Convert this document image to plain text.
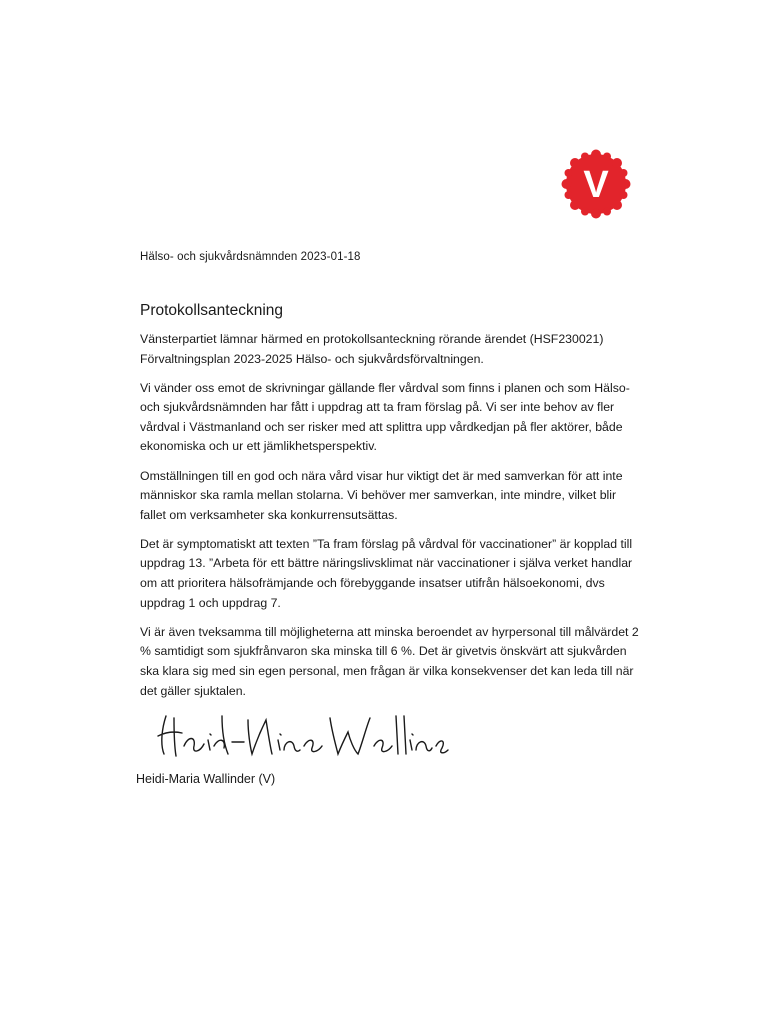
V
Hälso- och sjukvårdsnämnden 2023-01-18
Protokollsanteckning

Vänsterpartiet lämnar härmed en protokollsanteckning rörande ärendet (HSF230021) Förvaltningsplan 2023-2025 Hälso- och sjukvårdsförvaltningen.

Vi vänder oss emot de skrivningar gällande fler vårdval som finns i planen och som Hälso- och sjukvårdsnämnden har fått i uppdrag att ta fram förslag på. Vi ser inte behov av fler vårdval i Västmanland och ser risker med att splittra upp vårdkedjan på fler aktörer, både ekonomiska och ur ett jämlikhetsperspektiv.

Omställningen till en god och nära vård visar hur viktigt det är med samverkan för att inte människor ska ramla mellan stolarna. Vi behöver mer samverkan, inte mindre, vilket blir fallet om verksamheter ska konkurrensutsättas.

Det är symptomatiskt att texten ”Ta fram förslag på vårdval för vaccinationer” är kopplad till uppdrag 13. ”Arbeta för ett bättre näringslivsklimat när vaccinationer i själva verket handlar om att prioritera hälsofrämjande och förebyggande insatser utifrån hälsoekonomi, dvs uppdrag 1 och uppdrag 7.

Vi är även tveksamma till möjligheterna att minska beroendet av hyrpersonal till målvärdet 2 % samtidigt som sjukfrånvaron ska minska till 6 %. Det är givetvis önskvärt att sjukvården ska klara sig med sin egen personal, men frågan är vilka konsekvenser det kan leda till när det gäller sjuktalen.

Heidi-Maria Wallinder (V)
